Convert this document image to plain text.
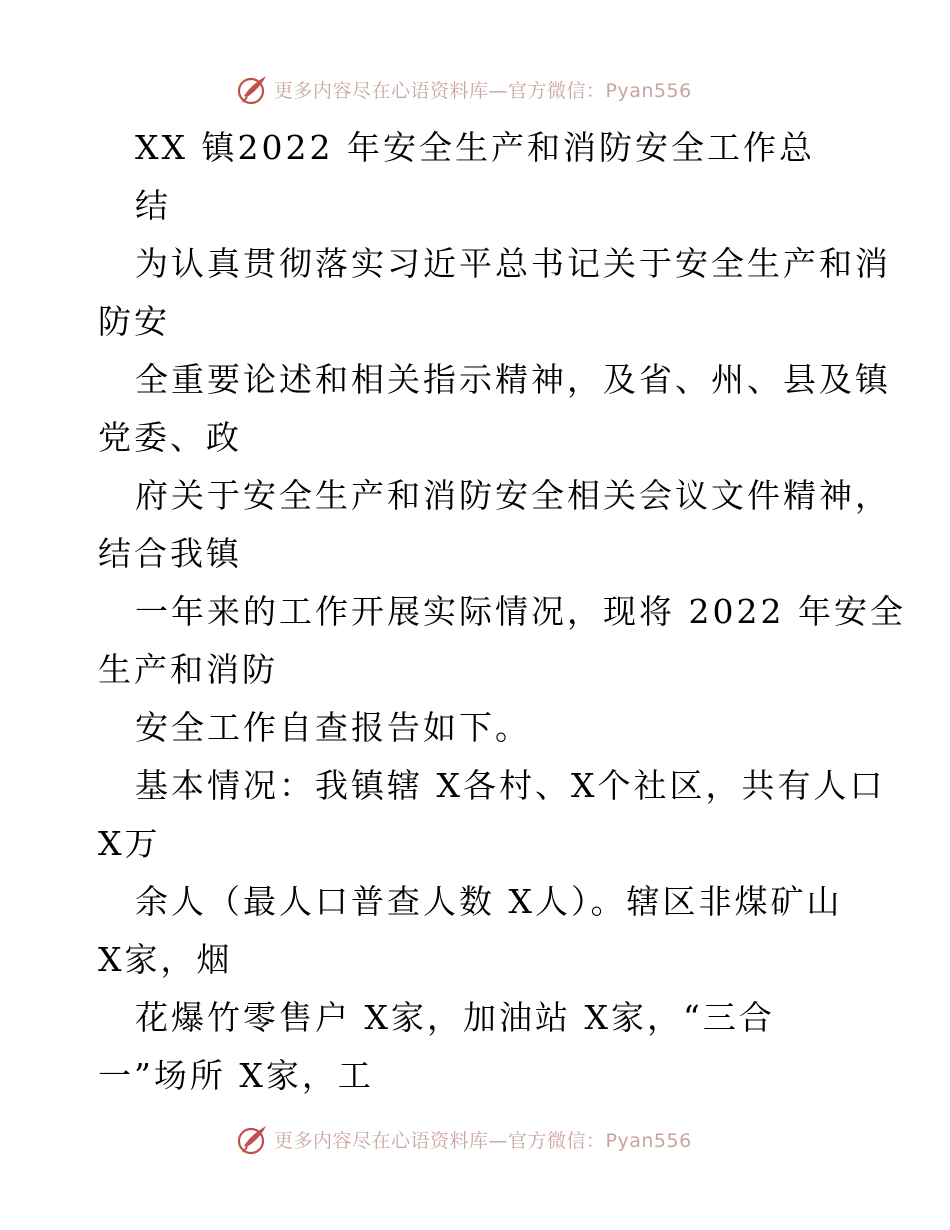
更多内容尽在心语资料库—官方微信：Pyan556
XX 镇2022 年安全生产和消防安全工作总
结
为认真贯彻落实习近平总书记关于安全生产和消
防安
全重要论述和相关指示精神，及省、州、县及镇
党委、政
府关于安全生产和消防安全相关会议文件精神，
结合我镇
一年来的工作开展实际情况，现将 2022 年安全
生产和消防
安全工作自查报告如下。
基本情况：我镇辖 X各村、X个社区，共有人口
X万
余人（最人口普查人数 X人）。辖区非煤矿山
X家，烟
花爆竹零售户 X家，加油站 X家，“三合
一”场所 X家，工
更多内容尽在心语资料库—官方微信：Pyan556
